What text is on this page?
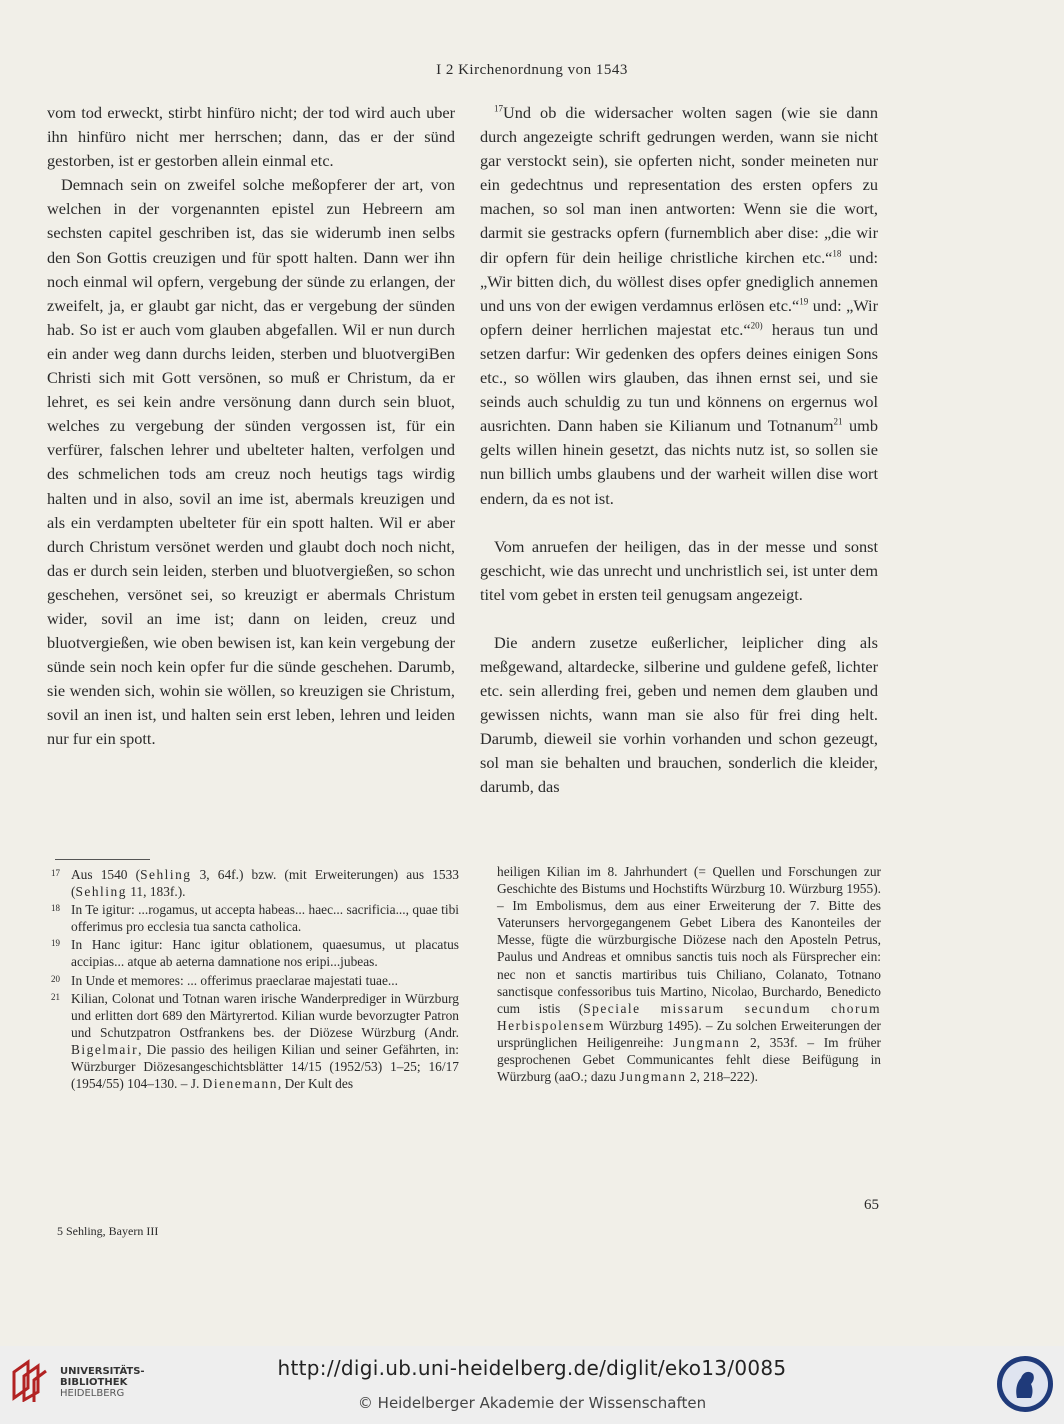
I 2 Kirchenordnung von 1543

vom tod erweckt, stirbt hinfüro nicht; der tod wird auch uber ihn hinfüro nicht mer herrschen; dann, das er der sünd gestorben, ist er gestorben allein einmal etc.

Demnach sein on zweifel solche meßopferer der art, von welchen in der vorgenannten epistel zun Hebreern am sechsten capitel geschriben ist, das sie widerumb inen selbs den Son Gottis creuzigen und für spott halten. Dann wer ihn noch einmal wil opfern, vergebung der sünde zu erlangen, der zweifelt, ja, er glaubt gar nicht, das er vergebung der sünden hab. So ist er auch vom glauben abgefallen. Wil er nun durch ein ander weg dann durchs leiden, sterben und bluotvergiBen Christi sich mit Gott versönen, so muß er Christum, da er lehret, es sei kein andre versönung dann durch sein bluot, welches zu vergebung der sünden vergossen ist, für ein verfürer, falschen lehrer und ubelteter halten, verfolgen und des schmelichen tods am creuz noch heutigs tags wirdig halten und in also, sovil an ime ist, abermals kreuzigen und als ein verdampten ubelteter für ein spott halten. Wil er aber durch Christum versönet werden und glaubt doch noch nicht, das er durch sein leiden, sterben und bluotvergießen, so schon geschehen, versönet sei, so kreuzigt er abermals Christum wider, sovil an ime ist; dann on leiden, creuz und bluotvergießen, wie oben bewisen ist, kan kein vergebung der sünde sein noch kein opfer fur die sünde geschehen. Darumb, sie wenden sich, wohin sie wöllen, so kreuzigen sie Christum, sovil an inen ist, und halten sein erst leben, lehren und leiden nur fur ein spott.

$^{17}$Und ob die widersacher wolten sagen (wie sie dann durch angezeigte schrift gedrungen werden, wann sie nicht gar verstockt sein), sie opferten nicht, sonder meineten nur ein gedechtnus und representation des ersten opfers zu machen, so sol man inen antworten: Wenn sie die wort, darmit sie gestracks opfern (furnemblich aber dise: „die wir dir opfern für dein heilige christliche kirchen etc.“$^{18}$ und: „Wir bitten dich, du wöllest dises opfer gnediglich annemen und uns von der ewigen verdamnus erlösen etc.“$^{19}$ und: „Wir opfern deiner herrlichen majestat etc.“$^{20)}$ heraus tun und setzen darfur: Wir gedenken des opfers deines einigen Sons etc., so wöllen wirs glauben, das ihnen ernst sei, und sie seinds auch schuldig zu tun und könnens on ergernus wol ausrichten. Dann haben sie Kilianum und Totnanum$^{21}$ umb gelts willen hinein gesetzt, das nichts nutz ist, so sollen sie nun billich umbs glaubens und der warheit willen dise wort endern, da es not ist.

Vom anruefen der heiligen, das in der messe und sonst geschicht, wie das unrecht und unchristlich sei, ist unter dem titel vom gebet in ersten teil genugsam angezeigt.

Die andern zusetze eußerlicher, leiplicher ding als meßgewand, altardecke, silberine und guldene gefeß, lichter etc. sein allerding frei, geben und nemen dem glauben und gewissen nichts, wann man sie also für frei ding helt. Darumb, dieweil sie vorhin vorhanden und schon gezeugt, sol man sie behalten und brauchen, sonderlich die kleider, darumb, das

17 Aus 1540 (Sehling 3, 64f.) bzw. (mit Erweiterungen) aus 1533 (Sehling 11, 183f.).
18 In Te igitur: ...rogamus, ut accepta habeas... haec... sacrificia..., quae tibi offerimus pro ecclesia tua sancta catholica.
19 In Hanc igitur: Hanc igitur oblationem, quaesumus, ut placatus accipias... atque ab aeterna damnatione nos eripi...jubeas.
20 In Unde et memores: ... offerimus praeclarae majestati tuae...
21 Kilian, Colonat und Totnan waren irische Wanderprediger in Würzburg und erlitten dort 689 den Märtyrertod. Kilian wurde bevorzugter Patron und Schutzpatron Ostfrankens bes. der Diözese Würzburg (Andr. Bigelmair, Die passio des heiligen Kilian und seiner Gefährten, in: Würzburger Diözesangeschichtsblätter 14/15 (1952/53) 1–25; 16/17 (1954/55) 104–130. – J. Dienemann, Der Kult des
heiligen Kilian im 8. Jahrhundert (= Quellen und Forschungen zur Geschichte des Bistums und Hochstifts Würzburg 10. Würzburg 1955). – Im Embolismus, dem aus einer Erweiterung der 7. Bitte des Vaterunsers hervorgegangenem Gebet Libera des Kanonteiles der Messe, fügte die würzburgische Diözese nach den Aposteln Petrus, Paulus und Andreas et omnibus sanctis tuis noch als Fürsprecher ein: nec non et sanctis martiribus tuis Chiliano, Colanato, Totnano sanctisque confessoribus tuis Martino, Nicolao, Burchardo, Benedicto cum istis (Speciale missarum secundum chorum Herbispolensem Würzburg 1495). – Zu solchen Erweiterungen der ursprünglichen Heiligenreihe: Jungmann 2, 353f. – Im früher gesprochenen Gebet Communicantes fehlt diese Beifügung in Würzburg (aaO.; dazu Jungmann 2, 218–222).
65
5 Sehling, Bayern III
UNIVERSITÄTS-
BIBLIOTHEK
HEIDELBERG
http://digi.ub.uni-heidelberg.de/diglit/eko13/0085
© Heidelberger Akademie der Wissenschaften
